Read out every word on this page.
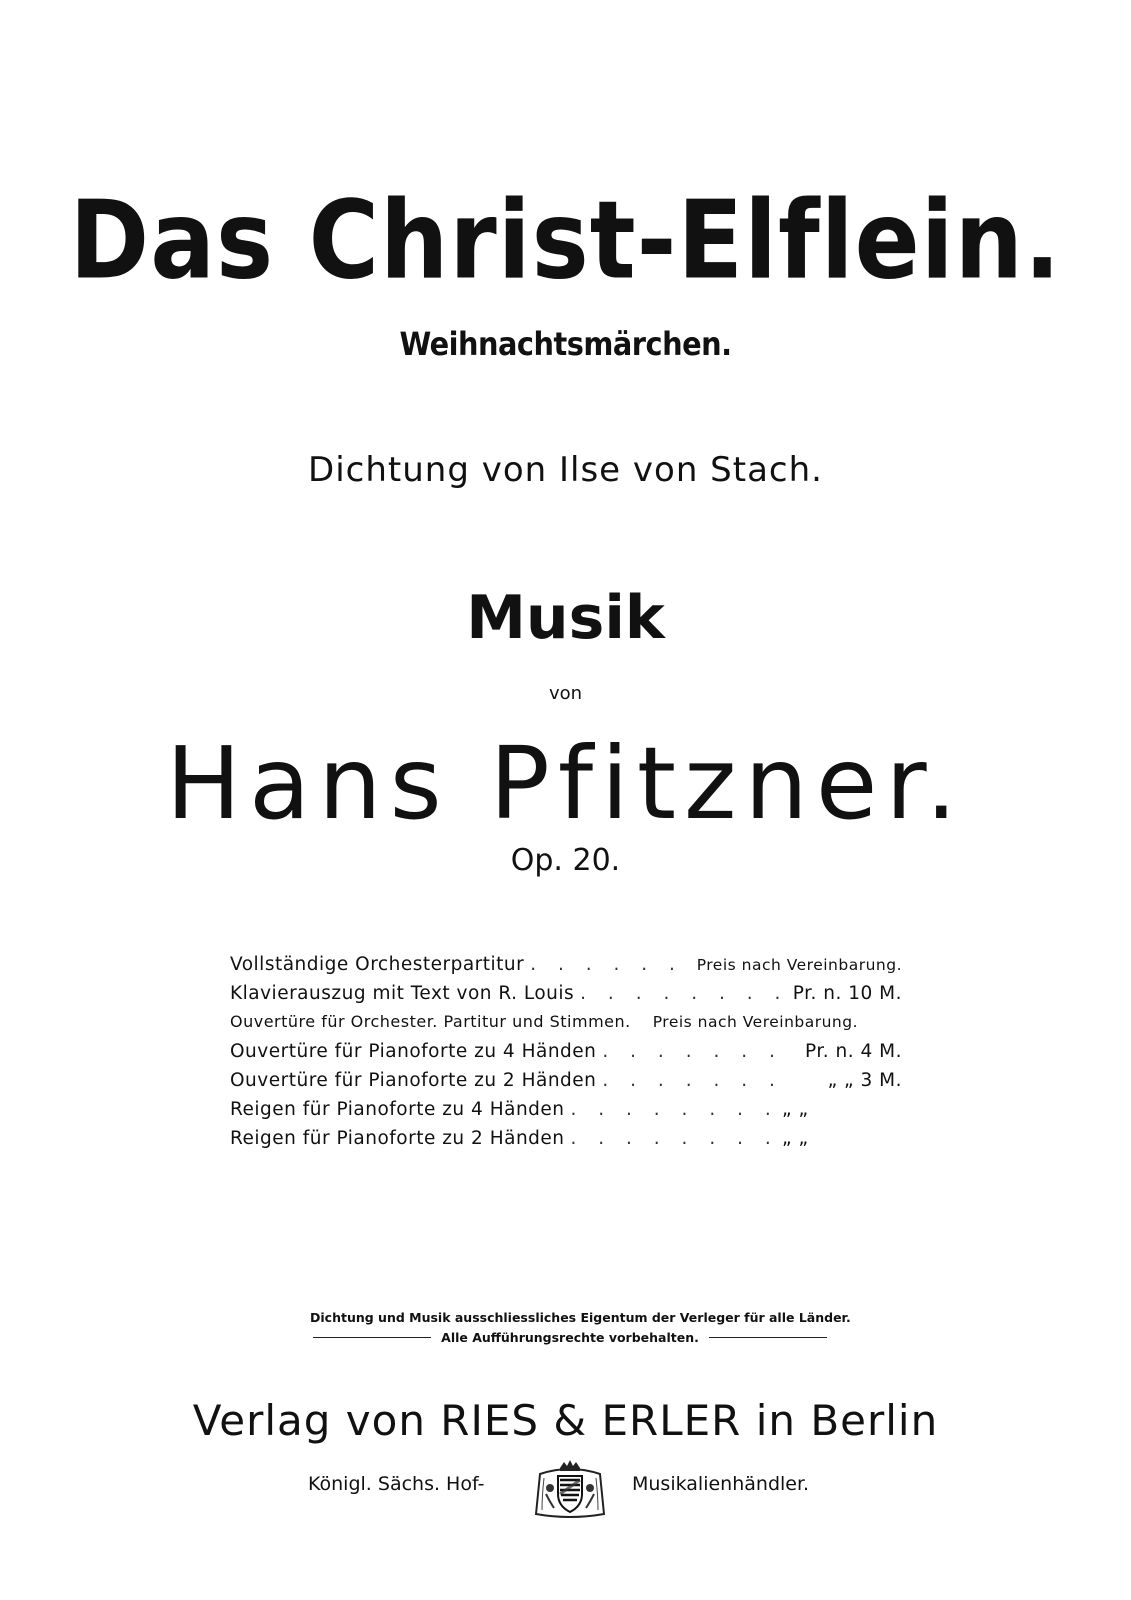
Das Christ-Elflein.
Weihnachtsmärchen.
Dichtung von Ilse von Stach.
Musik
von
Hans Pfitzner.
Op. 20.
Vollständige Orchesterpartitur . . .	Preis nach Vereinbarung.
Klavierauszug mit Text von R. Louis . . .	Pr. n. 10 M.
Ouvertüre für Orchester. Partitur und Stimmen. Preis nach Vereinbarung.
Ouvertüre für Pianoforte zu 4 Händen . . .	Pr. n. 4 M.
Ouvertüre für Pianoforte zu 2 Händen . . .	„ „ 3 M.
Reigen für Pianoforte zu 4 Händen . . .	„ „
Reigen für Pianoforte zu 2 Händen . . .	„ „
Dichtung und Musik ausschliessliches Eigentum der Verleger für alle Länder.
Alle Aufführungsrechte vorbehalten.
Verlag von RIES & ERLER in Berlin
Königl. Sächs. Hof-	Musikalienhändler.
